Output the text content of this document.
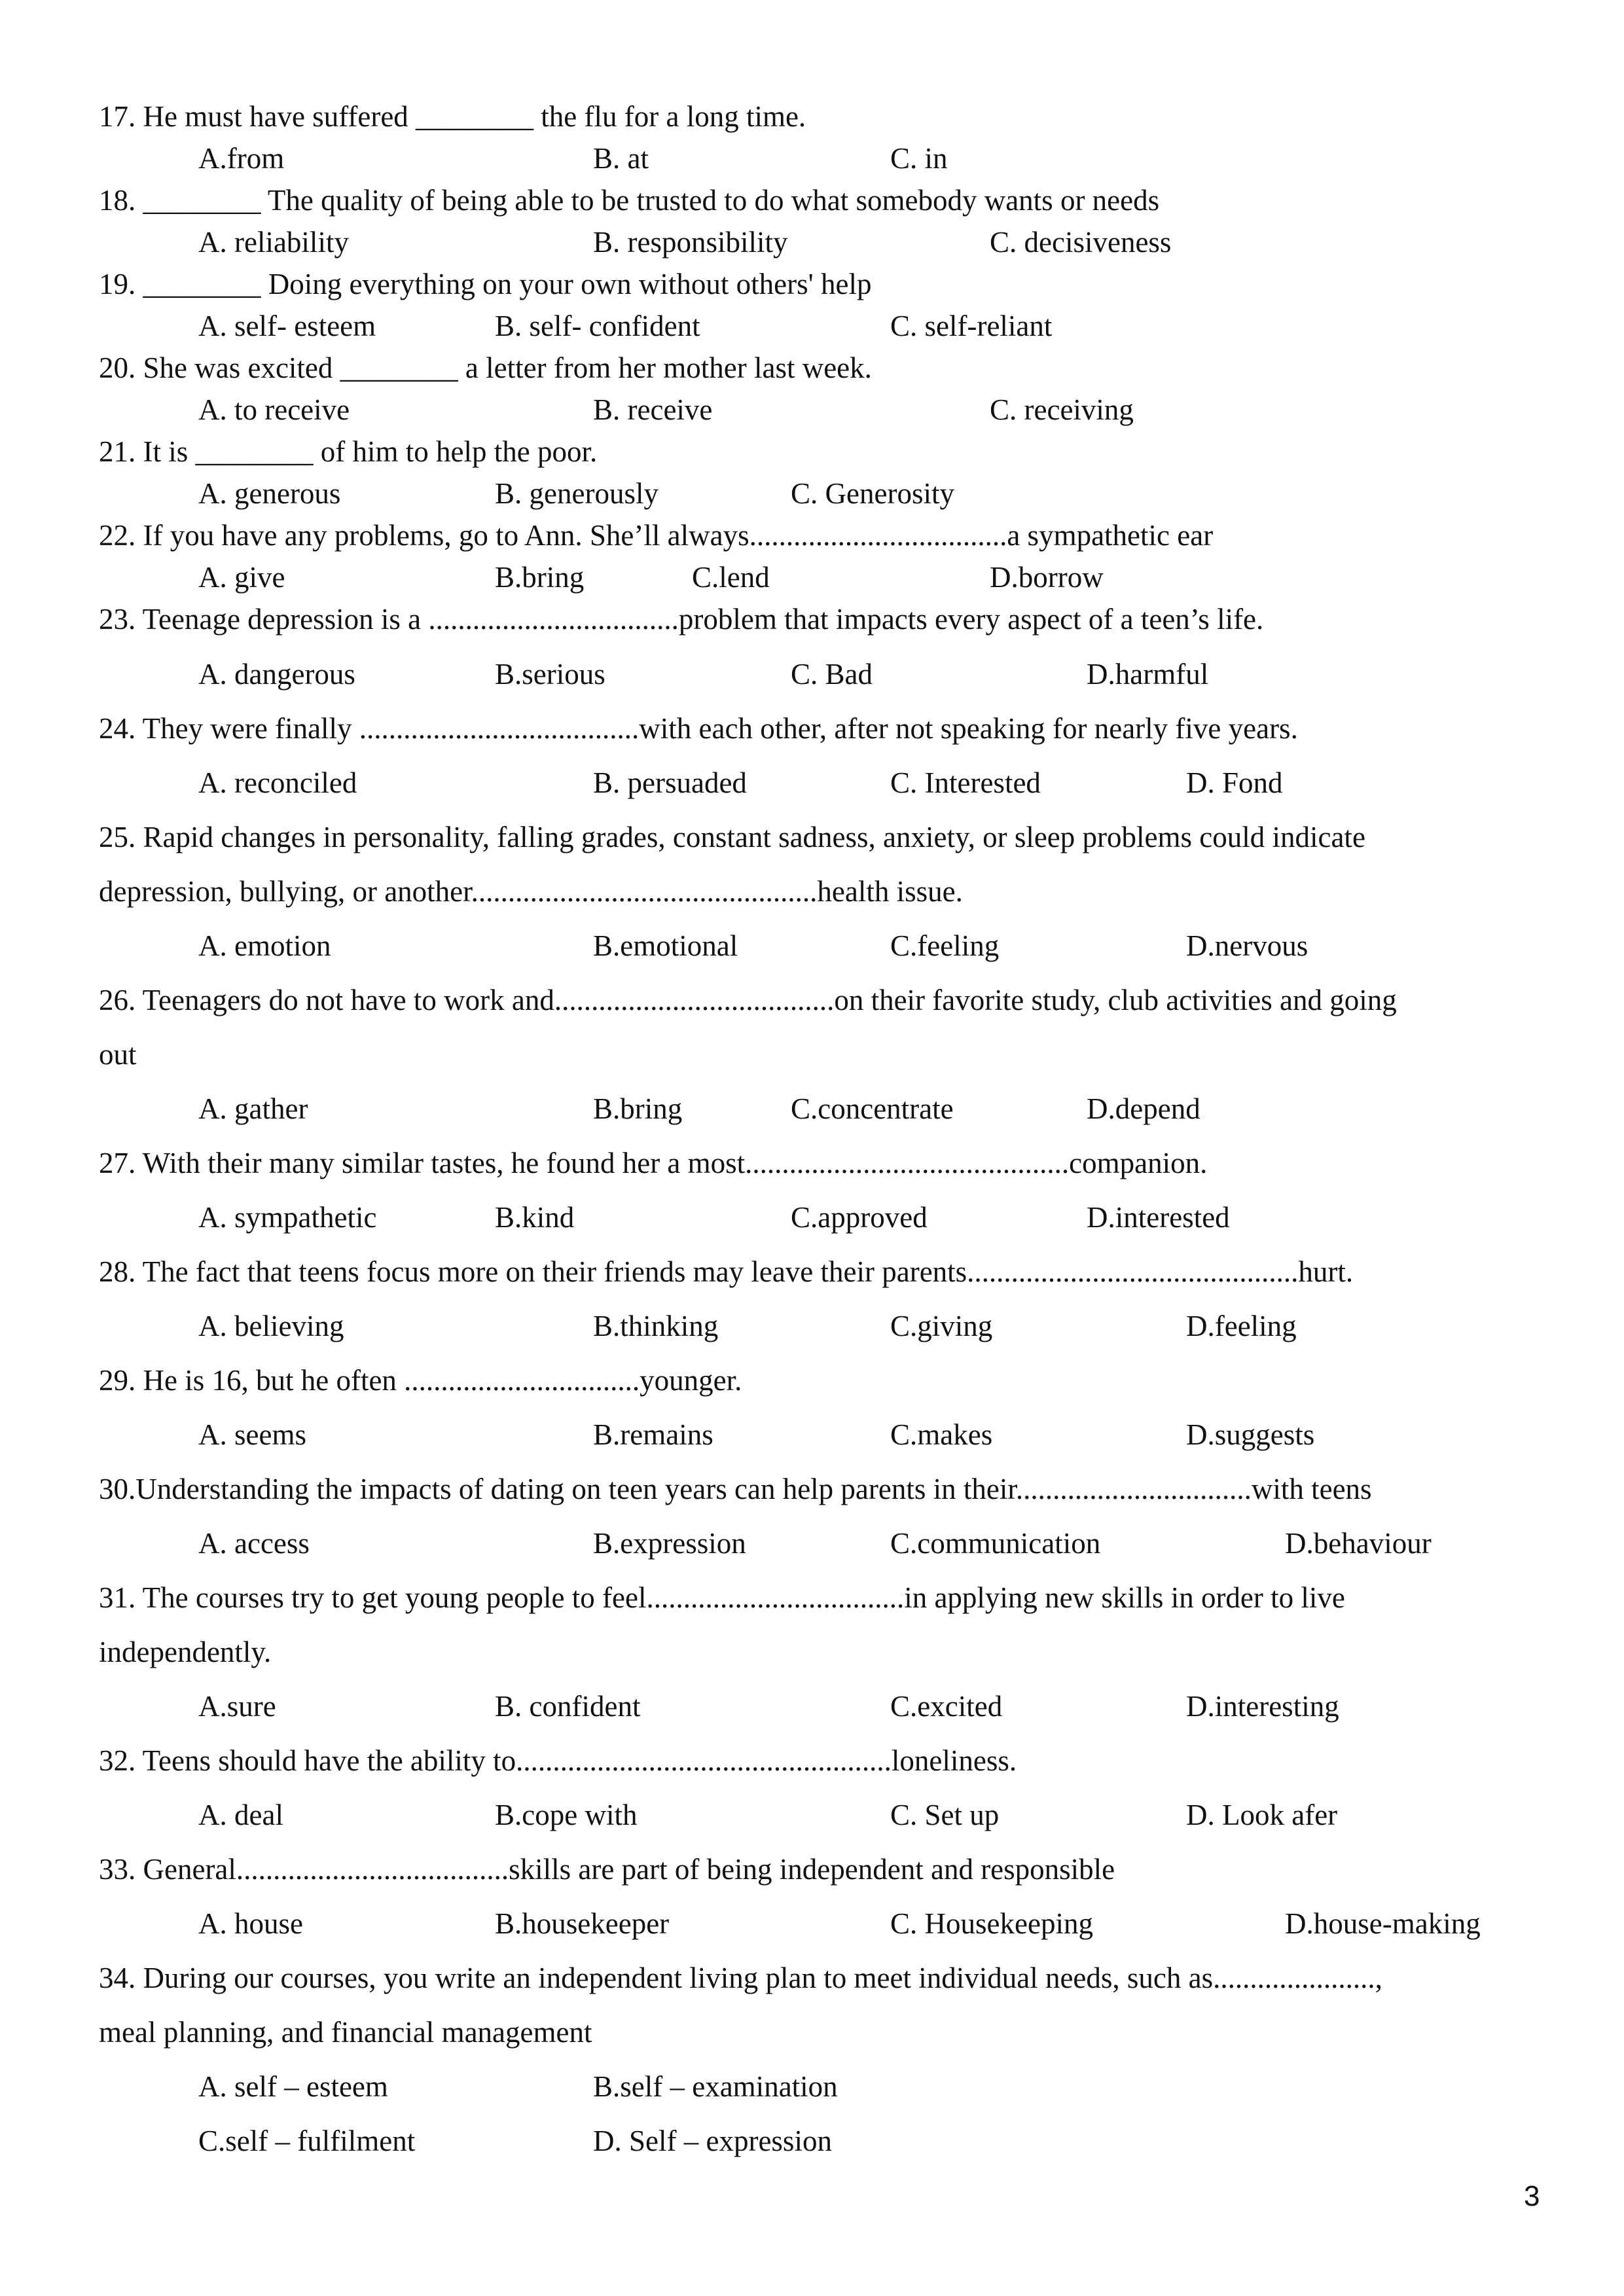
17. He must have suffered ________ the flu for a long time.
A.from	B. at	C. in
18. ________ The quality of being able to be trusted to do what somebody wants or needs
A. reliability	B. responsibility	C. decisiveness
19. ________ Doing everything on your own without others' help
A. self- esteem	B. self- confident	C. self-reliant
20. She was excited ________ a letter from her mother last week.
A. to receive	B. receive	C. receiving
21. It is ________ of him to help the poor.
A. generous	B. generously	C. Generosity
22. If you have any problems, go to Ann. She’ll always...................................a sympathetic ear
A. give	B.bring	C.lend	D.borrow
23. Teenage depression is a ..................................problem that impacts every aspect of a teen’s life.
A. dangerous	B.serious	C. Bad	D.harmful
24. They were finally ......................................with each other, after not speaking for nearly five years.
A. reconciled	B. persuaded	C. Interested	D. Fond
25. Rapid changes in personality, falling grades, constant sadness, anxiety, or sleep problems could indicate
depression, bullying, or another...............................................health issue.
A. emotion	B.emotional	C.feeling	D.nervous
26. Teenagers do not have to work and......................................on their favorite study, club activities and going
out
A. gather	B.bring	C.concentrate	D.depend
27. With their many similar tastes, he found her a most............................................companion.
A. sympathetic	B.kind	C.approved	D.interested
28. The fact that teens focus more on their friends may leave their parents.............................................hurt.
A. believing	B.thinking	C.giving	D.feeling
29. He is 16, but he often ................................younger.
A. seems	B.remains	C.makes	D.suggests
30.Understanding the impacts of dating on teen years can help parents in their................................with teens
A. access	B.expression	C.communication	D.behaviour
31. The courses try to get young people to feel...................................in applying new skills in order to live
independently.
A.sure	B. confident	C.excited	D.interesting
32. Teens should have the ability to...................................................loneliness.
A. deal	B.cope with	C. Set up	D. Look afer
33. General.....................................skills are part of being independent and responsible
A. house	B.housekeeper	C. Housekeeping	D.house-making
34. During our courses, you write an independent living plan to meet individual needs, such as......................,
meal planning, and financial management
A. self – esteem	B.self – examination
C.self – fulfilment	D. Self – expression
3
